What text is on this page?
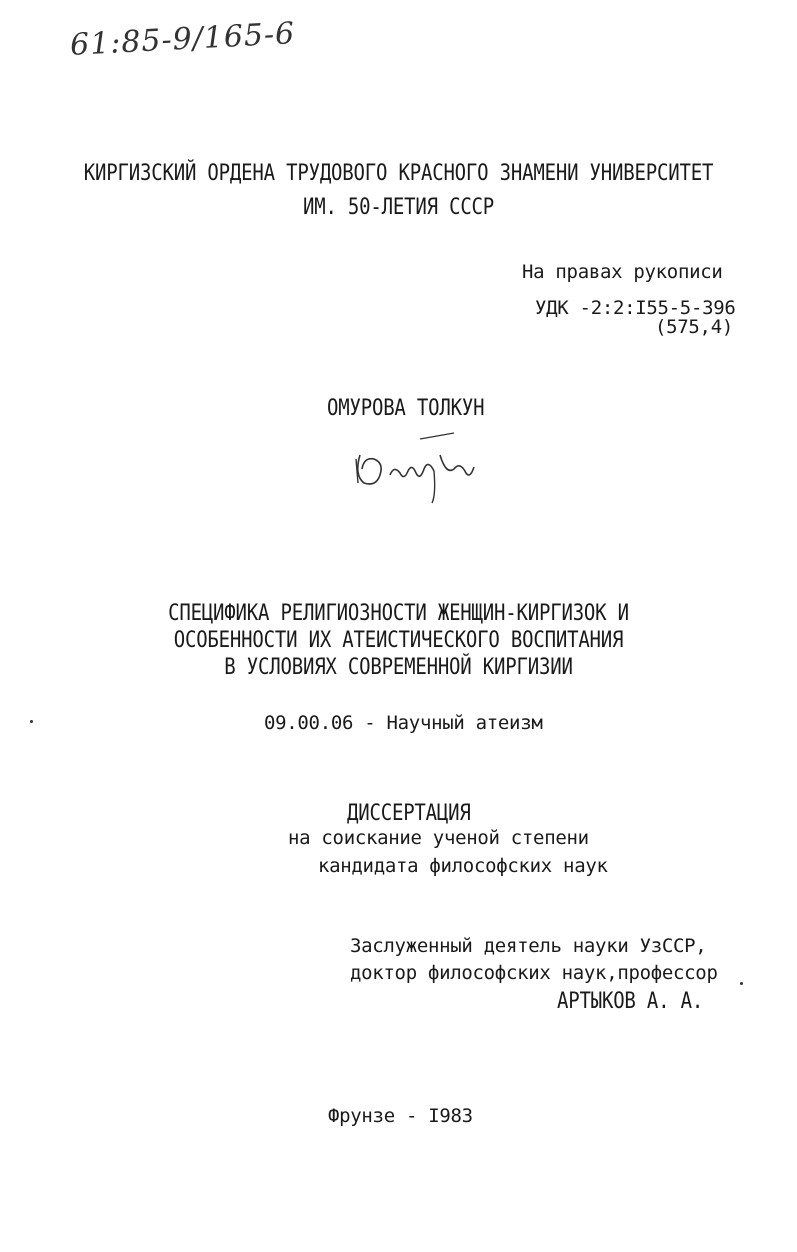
61:85-9/165-6
КИРГИЗСКИЙ ОРДЕНА ТРУДОВОГО КРАСНОГО ЗНАМЕНИ УНИВЕРСИТЕТ
ИМ. 50-ЛЕТИЯ СССР
На правах рукописи
УДК -2:2:I55-5-396
(575,4)
ОМУРОВА ТОЛКУН
СПЕЦИФИКА РЕЛИГИОЗНОСТИ ЖЕНЩИН-КИРГИЗОК И
ОСОБЕННОСТИ ИХ АТЕИСТИЧЕСКОГО ВОСПИТАНИЯ
В УСЛОВИЯХ СОВРЕМЕННОЙ КИРГИЗИИ
09.00.06 - Научный атеизм
ДИССЕРТАЦИЯ
на соискание ученой степени
кандидата философских наук
Заслуженный деятель науки УзССР,
доктор философских наук,профессор
АРТЫКОВ А. А.
Фрунзе - I983
